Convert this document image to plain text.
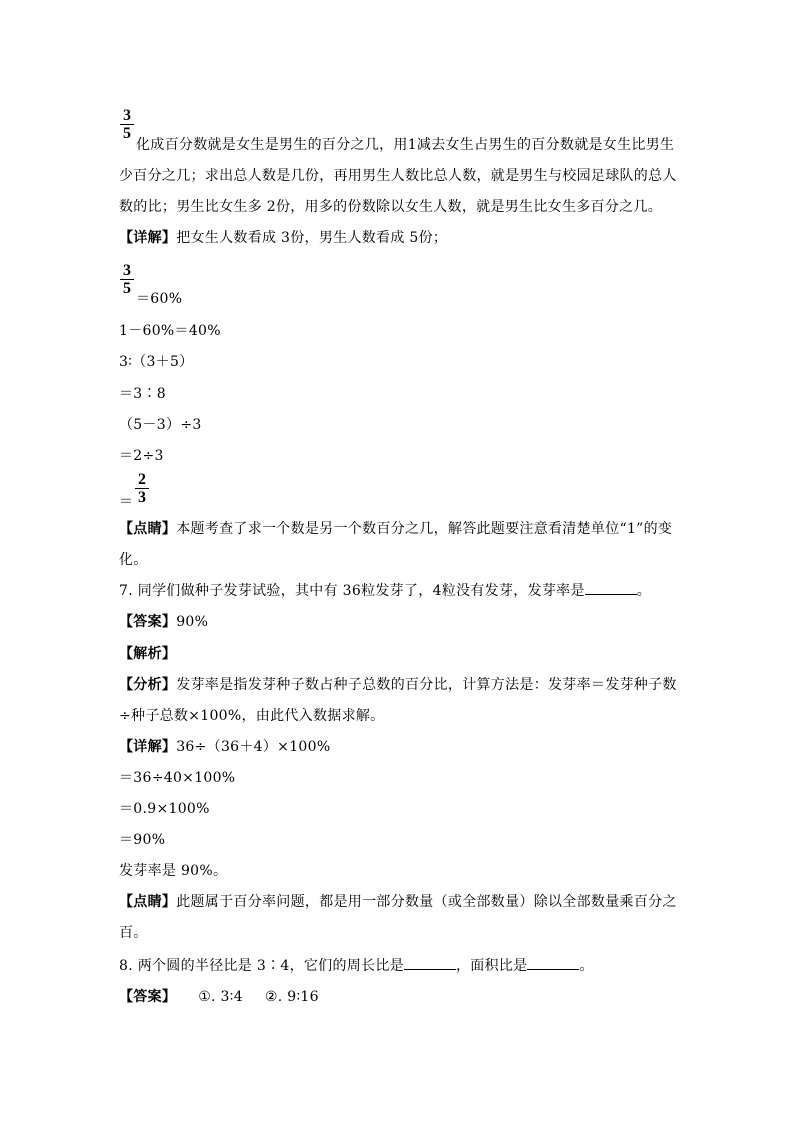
3
5
化成百分数就是女生是男生的百分之几，用1减去女生占男生的百分数就是女生比男生
少百分之几；求出总人数是几份，再用男生人数比总人数，就是男生与校园足球队的总人
数的比；男生比女生多 2份，用多的份数除以女生人数，就是男生比女生多百分之几。
【详解】把女生人数看成 3份，男生人数看成 5份；
3
5
＝60%
1－60%＝40%
3∶（3＋5）
＝3∶8
（5－3）÷3
＝2÷3
＝
2
3
【点睛】本题考查了求一个数是另一个数百分之几，解答此题要注意看清楚单位“1”的变
化。
7. 同学们做种子发芽试验，其中有 36粒发芽了，4粒没有发芽，发芽率是	。
【答案】90%
【解析】
【分析】发芽率是指发芽种子数占种子总数的百分比，计算方法是：发芽率＝发芽种子数
÷种子总数×100%，由此代入数据求解。
【详解】36÷（36＋4）×100%
＝36÷40×100%
＝0.9×100%
＝90%
发芽率是 90%。
【点睛】此题属于百分率问题，都是用一部分数量（或全部数量）除以全部数量乘百分之
百。
8. 两个圆的半径比是 3∶4，它们的周长比是	，面积比是	。
【答案】 ①. 3∶4 ②. 9∶16
